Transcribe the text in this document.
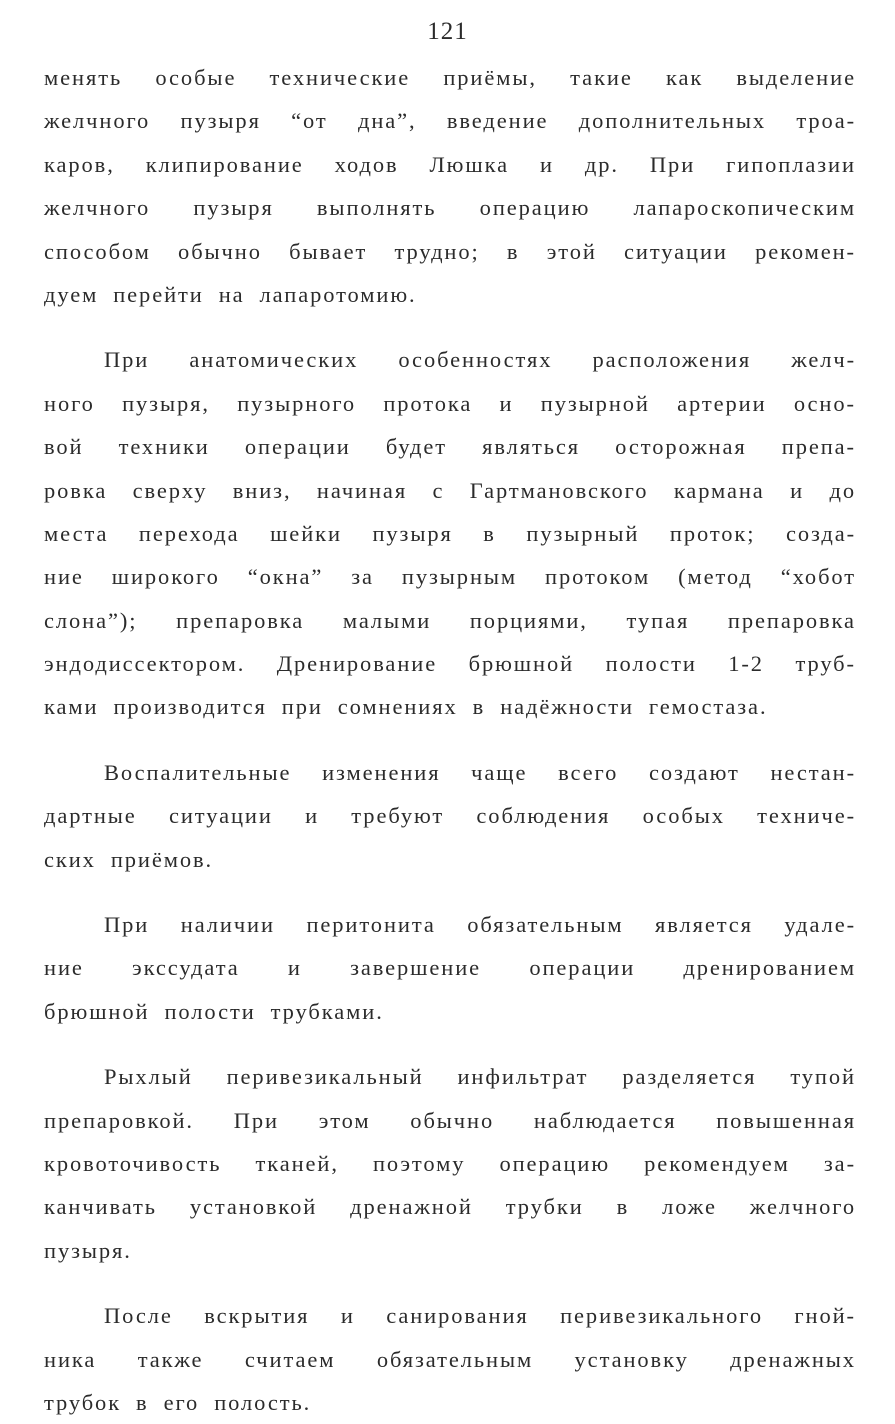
121
менять особые технические приёмы, такие как выделение
желчного пузыря “от дна”, введение дополнительных троа-
каров, клипирование ходов Люшка и др. При гипоплазии
желчного пузыря выполнять операцию лапароскопическим
способом обычно бывает трудно; в этой ситуации рекомен-
дуем перейти на лапаротомию.
При анатомических особенностях расположения желч-
ного пузыря, пузырного протока и пузырной артерии осно-
вой техники операции будет являться осторожная препа-
ровка сверху вниз, начиная с Гартмановского кармана и до
места перехода шейки пузыря в пузырный проток; созда-
ние широкого “окна” за пузырным протоком (метод “хобот
слона”); препаровка малыми порциями, тупая препаровка
эндодиссектором. Дренирование брюшной полости 1-2 труб-
ками производится при сомнениях в надёжности гемостаза.
Воспалительные изменения чаще всего создают нестан-
дартные ситуации и требуют соблюдения особых техниче-
ских приёмов.
При наличии перитонита обязательным является удале-
ние экссудата и завершение операции дренированием
брюшной полости трубками.
Рыхлый перивезикальный инфильтрат разделяется тупой
препаровкой. При этом обычно наблюдается повышенная
кровоточивость тканей, поэтому операцию рекомендуем за-
канчивать установкой дренажной трубки в ложе желчного
пузыря.
После вскрытия и санирования перивезикального гной-
ника также считаем обязательным установку дренажных
трубок в его полость.
